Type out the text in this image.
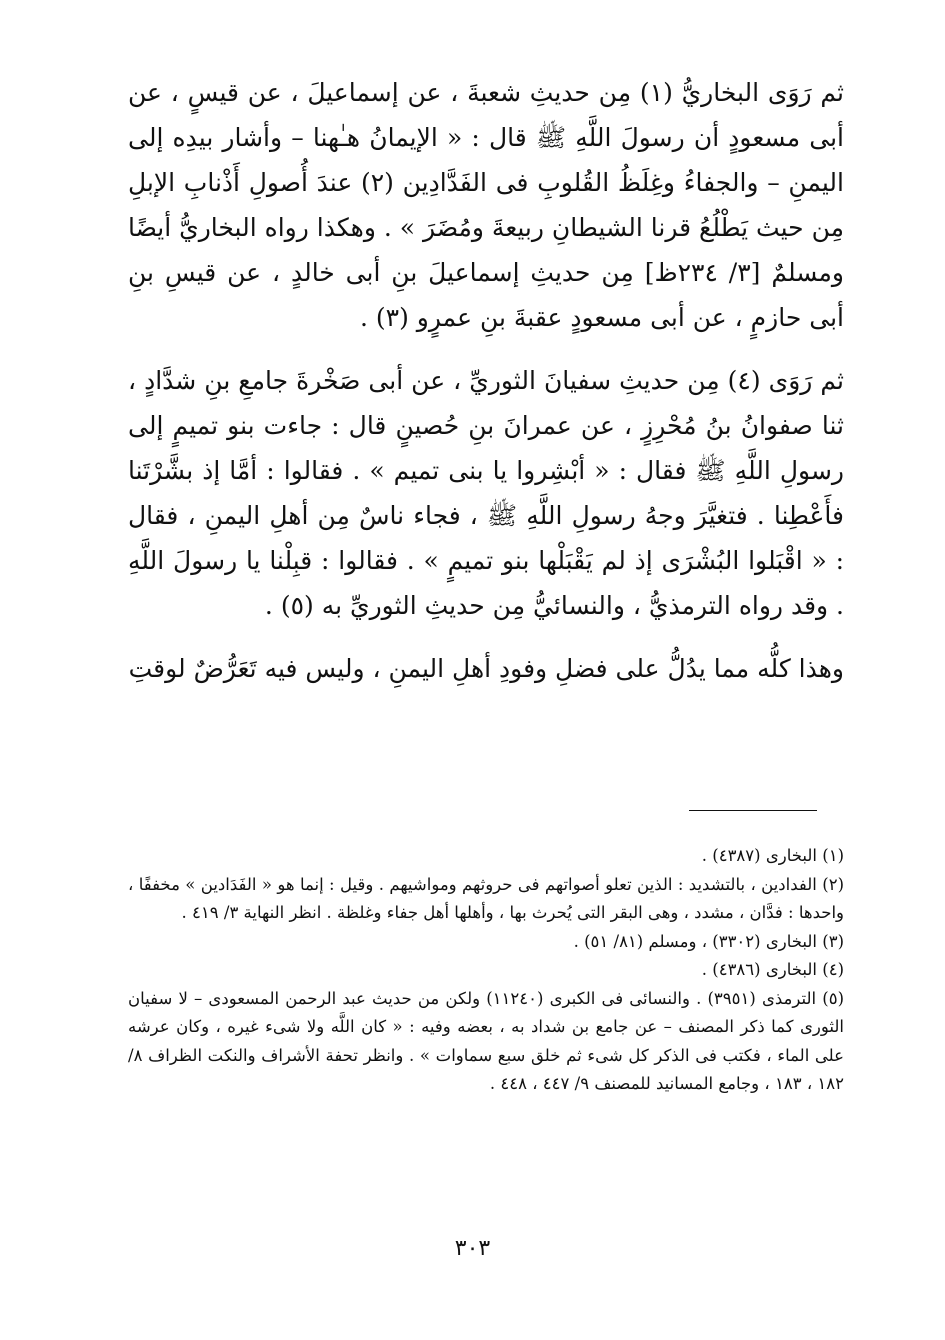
ثم رَوَى البخاريُّ (١) مِن حديثِ شعبةَ ، عن إسماعيلَ ، عن قيسٍ ، عن أبى مسعودٍ أن رسولَ اللَّهِ ﷺ قال : « الإيمانُ هـٰهنا – وأشار بيدِه إلى اليمنِ – والجفاءُ وغِلَظُ القُلوبِ فى الفَدَّادِين (٢) عندَ أُصولِ أَذْنابِ الإبلِ مِن حيث يَطْلُعُ قرنا الشيطانِ ربيعةَ ومُضَرَ » . وهكذا رواه البخاريُّ أيضًا ومسلمٌ [٣/ ٢٣٤ظ] مِن حديثِ إسماعيلَ بنِ أبى خالدٍ ، عن قيسِ بنِ أبى حازمٍ ، عن أبى مسعودٍ عقبةَ بنِ عمرٍو (٣) .

ثم رَوَى (٤) مِن حديثِ سفيانَ الثوريِّ ، عن أبى صَخْرةَ جامعِ بنِ شدَّادٍ ، ثنا صفوانُ بنُ مُحْرِزٍ ، عن عمرانَ بنِ حُصينٍ قال : جاءت بنو تميمٍ إلى رسولِ اللَّهِ ﷺ فقال : « أبْشِروا يا بنى تميم » . فقالوا : أمَّا إذ بشَّرْتَنا فأَعْطِنا . فتغيَّرَ وجهُ رسولِ اللَّهِ ﷺ ، فجاء ناسٌ مِن أهلِ اليمنِ ، فقال : « اقْبَلوا البُشْرَى إذ لم يَقْبَلْها بنو تميمٍ » . فقالوا : قبِلْنا يا رسولَ اللَّهِ . وقد رواه الترمذيُّ ، والنسائيُّ مِن حديثِ الثوريِّ به (٥) .

وهذا كلُّه مما يدُلُّ على فضلِ وفودِ أهلِ اليمنِ ، وليس فيه تَعَرُّضٌ لوقتِ

(١) البخارى (٤٣٨٧) .

(٢) الفدادين ، بالتشديد : الذين تعلو أصواتهم فى حروثهم ومواشيهم . وقيل : إنما هو « الفَدَادين » مخففًا ، واحدها : فدَّان ، مشدد ، وهى البقر التى يُحرث بها ، وأهلها أهل جفاء وغلظة . انظر النهاية ٣/ ٤١٩ .

(٣) البخارى (٣٣٠٢) ، ومسلم (٨١/ ٥١) .

(٤) البخارى (٤٣٨٦) .

(٥) الترمذى (٣٩٥١) . والنسائى فى الكبرى (١١٢٤٠) ولكن من حديث عبد الرحمن المسعودى – لا سفيان الثورى كما ذكر المصنف – عن جامع بن شداد به ، بعضه وفيه : « كان اللَّه ولا شىء غيره ، وكان عرشه على الماء ، فكتب فى الذكر كل شىء ثم خلق سبع سماوات » . وانظر تحفة الأشراف والنكت الظراف ٨/ ١٨٢ ، ١٨٣ ، وجامع المسانيد للمصنف ٩/ ٤٤٧ ، ٤٤٨ .

٣٠٣
